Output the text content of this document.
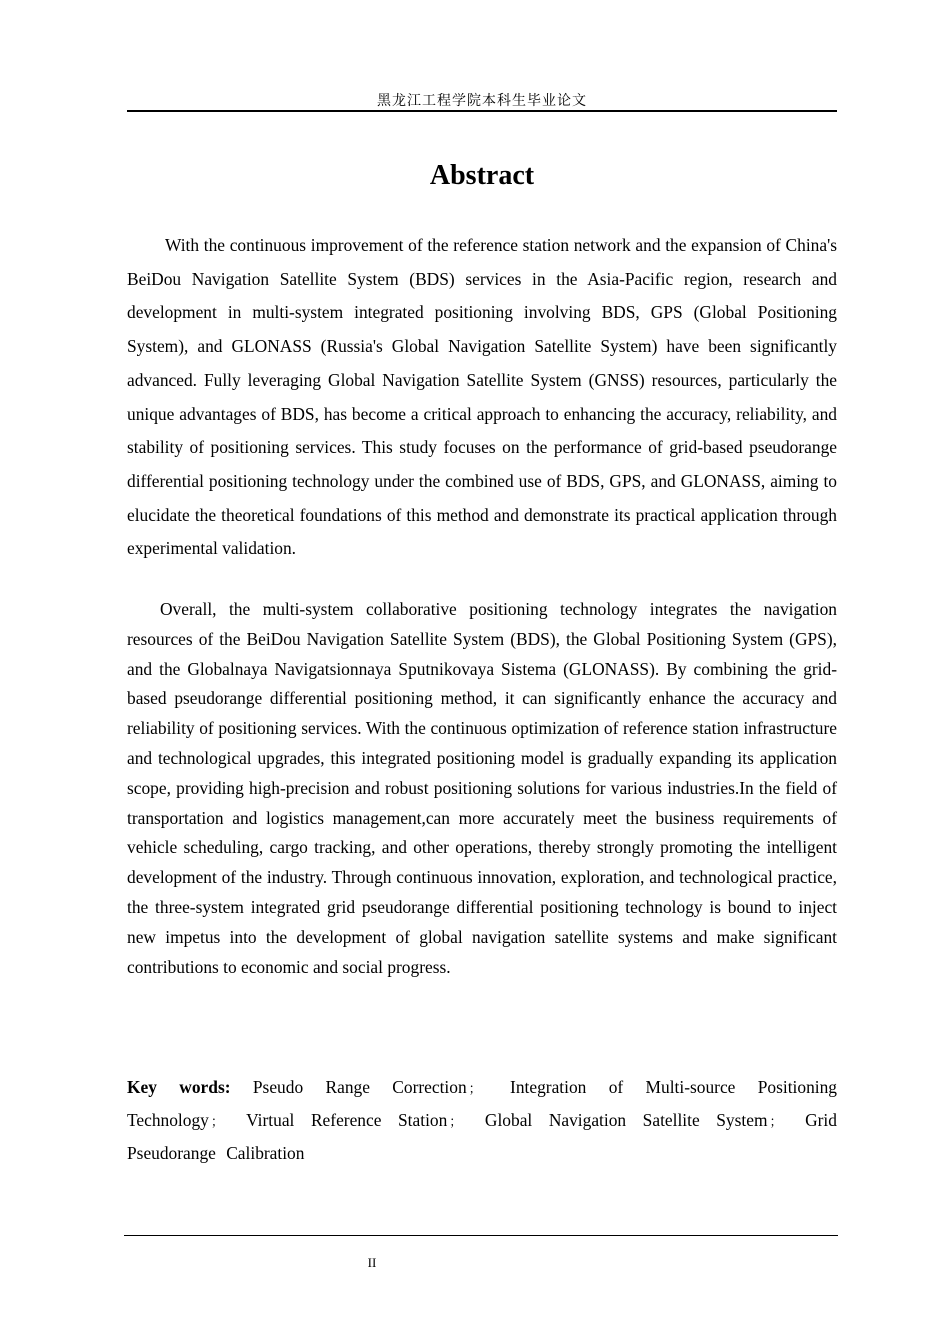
黑龙江工程学院本科生毕业论文
Abstract

With the continuous improvement of the reference station network and the expansion of China's BeiDou Navigation Satellite System (BDS) services in the Asia-Pacific region, research and development in multi-system integrated positioning involving BDS, GPS (Global Positioning System), and GLONASS (Russia's Global Navigation Satellite System) have been significantly advanced. Fully leveraging Global Navigation Satellite System (GNSS) resources, particularly the unique advantages of BDS, has become a critical approach to enhancing the accuracy, reliability, and stability of positioning services. This study focuses on the performance of grid-based pseudorange differential positioning technology under the combined use of BDS, GPS, and GLONASS, aiming to elucidate the theoretical foundations of this method and demonstrate its practical application through experimental validation.

Overall, the multi-system collaborative positioning technology integrates the navigation resources of the BeiDou Navigation Satellite System (BDS), the Global Positioning System (GPS), and the Globalnaya Navigatsionnaya Sputnikovaya Sistema (GLONASS). By combining the grid-based pseudorange differential positioning method, it can significantly enhance the accuracy and reliability of positioning services. With the continuous optimization of reference station infrastructure and technological upgrades, this integrated positioning model is gradually expanding its application scope, providing high-precision and robust positioning solutions for various industries.In the field of transportation and logistics management,can more accurately meet the business requirements of vehicle scheduling, cargo tracking, and other operations, thereby strongly promoting the intelligent development of the industry. Through continuous innovation, exploration, and technological practice, the three-system integrated grid pseudorange differential positioning technology is bound to inject new impetus into the development of global navigation satellite systems and make significant contributions to economic and social progress.

Key words: Pseudo Range Correction ； Integration of Multi-source Positioning Technology ； Virtual Reference Station ； Global Navigation Satellite System ； Grid Pseudorange Calibration

II
